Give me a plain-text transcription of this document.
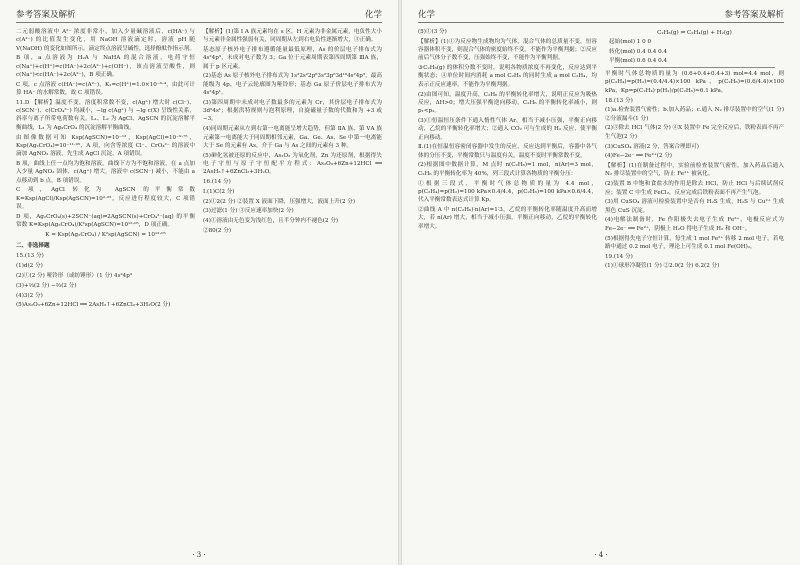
参考答案及解析	化学

二元弱酸溶液中 A²⁻ 浓度非常小，加入少量碱溶液后，c(HA⁻) 与 c(A²⁻) 的比值发生变化，用 NaOH 溶液滴定时，溶液 pH 随 V(NaOH) 的变化如图所示，滴定终点溶液呈碱性，选择酚酞作指示剂。

B 项，a 点溶液为 H₂A 与 NaHA 的混合溶液，电荷守恒 c(Na⁺)+c(H⁺)=c(HA⁻)+2c(A²⁻)+c(OH⁻)，该点溶液呈酸性，则 c(Na⁺)<c(HA⁻)+2c(A²⁻)，B 项正确。

C 项，c 点溶液 c(HA⁻)=c(A²⁻)，K₂=c(H⁺)=1.0×10⁻⁶·⁴，由此可计算 HA⁻ 的水解常数，故 C 项错误。

11.D 【解析】温度不变，溶度积常数不变，c(Ag⁺) 增大时 c(Cl⁻)、c(SCN⁻)、c(CrO₄²⁻) 均减小，−lg c(Ag⁺) 与 −lg c(X) 呈线性关系，斜率与离子所带电荷数有关，L₁、L₂ 为 AgCl、AgSCN 的沉淀溶解平衡曲线，L₃ 为 Ag₂CrO₄ 的沉淀溶解平衡曲线。

由图像数据可知 Ksp(AgSCN)=10⁻¹²，Ksp(AgCl)=10⁻⁹·⁷⁵，Ksp(Ag₂CrO₄)=10⁻¹¹·⁹⁵，A 项，向含等浓度 Cl⁻、CrO₄²⁻ 的溶液中滴加 AgNO₃ 溶液，先生成 AgCl 沉淀，A 项错误。

B 项，曲线上任一点均为饱和溶液，曲线下方为不饱和溶液，在 a 点加入少量 AgNO₃ 固体，c(Ag⁺) 增大，溶液中 c(SCN⁻) 减小，不能由 a 点移动到 b 点，B 项错误。

C 项，AgCl 转化为 AgSCN 的平衡常数 K=Ksp(AgCl)/Ksp(AgSCN)=10²·²⁵，反应进行程度较大，C 项错误。

D 项，Ag₂CrO₄(s)+2SCN⁻(aq)⇌2AgSCN(s)+CrO₄²⁻(aq) 的平衡常数 K=Ksp(Ag₂CrO₄)/K²sp(AgSCN)=10¹²·⁰⁵，D 项正确。

K = Ksp(Ag₂CrO₄) / K²sp(AgSCN) = 10¹²·⁰⁵

二、非选择题

15.(13 分)

(1)d(2 分)

(2)①(2 分) 哑铃形（或纺锤形）(1 分) 4s²4p³

(3)+⅔(2 分) −⅔(2 分)

(4)3(2 分)

(5)As₂O₃+6Zn+12HCl ══ 2AsH₃↑+6ZnCl₂+3H₂O(2 分)

【解析】(1)第 Ⅰ A 族元素均在 s 区，H 元素为非金属元素，电负性大小与元素非金属性强弱有关，同周期从左到右电负性逐渐增大，③正确。

基态原子核外电子排布遵循能量最低原理，As 的价层电子排布式为 4s²4p³，未成对电子数为 3；Ga 位于元素周期表第四周期第 ⅢA 族，属于 p 区元素。

(2)基态 As 原子核外电子排布式为 1s²2s²2p⁶3s²3p⁶3d¹⁰4s²4p³，最高能级为 4p，电子云轮廓图为哑铃形；基态 Ga 原子价层电子排布式为 4s²4p¹。

(3)第四周期中未成对电子数最多的元素为 Cr，其价层电子排布式为 3d⁵4s¹；根据洪特规则与泡利原理，自旋磁量子数的代数和为 +3 或 −3。

(4)同周期元素从左到右第一电离能呈增大趋势，但第 ⅡA 族、第 ⅤA 族元素第一电离能大于同周期相邻元素，Ga、Ge、As、Se 中第一电离能大于 Se 的元素有 As，介于 Ga 与 As 之间的元素有 3 种。

(5)砷化氢被还原的反应中，As₂O₃ 为氧化剂，Zn 为还原剂，根据得失电子守恒与原子守恒配平方程式：As₂O₃+6Zn+12HCl ══ 2AsH₃↑+6ZnCl₂+3H₂O。

16.(14 分)

Ⅰ.(1)C(2 分)

(2)①2(2 分) ②装置 X 液面下降，压强增大，液面上升(2 分)

(3)过滤(1 分) ③反应速率加快(2 分)

(4)①溶液由无色变为浅红色，且半分钟内不褪色(2 分)

②80(2 分)

· 3 ·
化学	参考答案及解析

(5)①(3 分)

【解析】(1)①为反应物生成物均为气体，混合气体的总质量不变，恒容容器体积不变，则混合气体的密度始终不变，不能作为平衡判据；②反应前后气体分子数不变，压强始终不变，不能作为平衡判据。

③C₂H₆(g) 的体积分数不变时，说明各物质浓度不再变化，反应达到平衡状态；④单位时间内消耗 a mol C₂H₆ 的同时生成 a mol C₂H₄，均表示正反应速率，不能作为平衡判据。

(2)由图可知，温度升高，C₂H₆ 的平衡转化率增大，说明正反应为吸热反应，ΔH>0；增大压强平衡逆向移动，C₂H₆ 的平衡转化率减小，则 p₁<p₂。

(3)①恒温恒压条件下通入惰性气体 Ar，相当于减小压强，平衡正向移动，乙烷的平衡转化率增大；②通入 CO₂ 可与生成的 H₂ 反应，使平衡正向移动。

Ⅱ.(1)在恒温恒容密闭容器中发生的反应，反应达到平衡后，容器中各气体的分压不变，平衡常数只与温度有关，温度不变时平衡常数不变。

(2)根据图中数据计算，M 点时 n(C₂H₆)=1 mol，n(Ar)=3 mol，C₂H₆ 的平衡转化率为 40%，列三段式计算各物质的平衡分压：

①根据三段式，平衡时气体总物质的量为 4.4 mol，p(C₂H₄)=p(H₂)=100 kPa×0.4/4.4，p(C₂H₆)=100 kPa×0.6/4.4，代入平衡常数表达式计算 Kp。

②曲线 A 中 n(C₂H₆)∶n(Ar)=1∶3，乙烷的平衡转化率随温度升高而增大，若 n(Ar) 增大，相当于减小压强，平衡正向移动，乙烷的平衡转化率增大。

C₂H₆(g) ⇌ C₂H₄(g) + H₂(g)

起始(mol) 1 0 0

转化(mol) 0.4 0.4 0.4

平衡(mol) 0.6 0.4 0.4

平衡时气体总物质的量为 (0.6+0.4+0.4+3) mol=4.4 mol，则 p(C₂H₄)=p(H₂)=(0.4/4.4)×100 kPa，p(C₂H₆)=(0.6/4.4)×100 kPa，Kp=p(C₂H₄)·p(H₂)/p(C₂H₆)≈6.1 kPa。

18.(13 分)

(1)a.检查装置气密性；b.加入药品；c.通入 N₂ 排尽装置中的空气(1 分) ②分液漏斗(1 分)

(2)③除去 HCl 气体(2 分) ④X 装置中 Fe 完全反应后，铁粉表面不再产生气泡(2 分)

(3)CuSO₄ 溶液(2 分，答案合理即可)

(4)Fe−2e⁻ ══ Fe²⁺(2 分)

【解析】(1)在制备过程中，实验前检查装置气密性，加入药品后通入 N₂ 排尽装置中的空气，防止 Fe²⁺ 被氧化。

(2)装置 B 中饱和食盐水的作用是除去 HCl，防止 HCl 与后续试剂反应；装置 C 中生成 FeCl₂，反应完成后铁粉表面不再产生气泡。

(3)用 CuSO₄ 溶液可检验装置中是否有 H₂S 生成，H₂S 与 Cu²⁺ 生成黑色 CuS 沉淀。

(4)电解法制备时，Fe 作阳极失去电子生成 Fe²⁺，电极反应式为 Fe−2e⁻ ══ Fe²⁺，阴极上 H₂O 得电子生成 H₂ 和 OH⁻。

(5)根据得失电子守恒计算，每生成 1 mol Fe²⁺ 转移 2 mol 电子，若电路中通过 0.2 mol 电子，理论上可生成 0.1 mol Fe(OH)₂。

19.(14 分)

(1)①球形冷凝管(1 分) ②2.0(2 分) 6.2(2 分)

· 4 ·
